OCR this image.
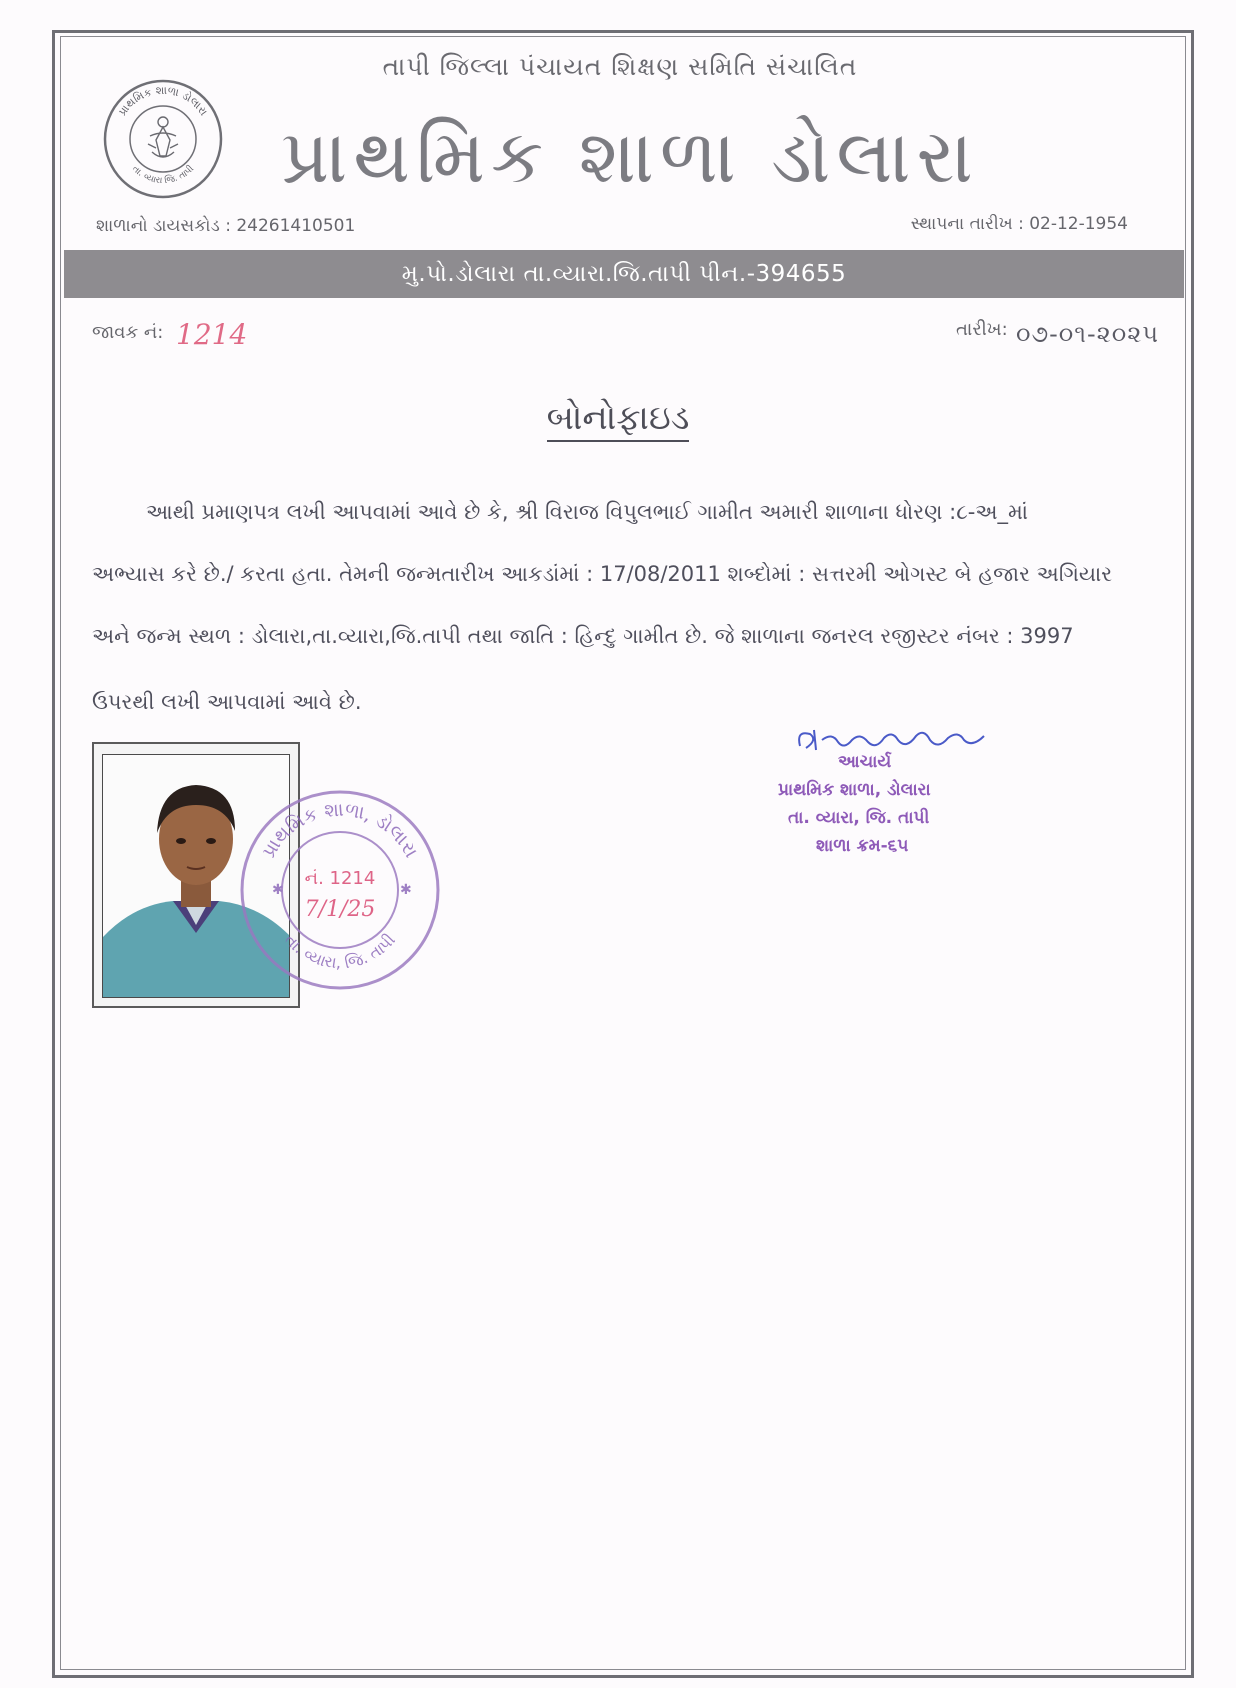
પ્રાથમિક શાળા ડોલારા
તા. વ્યારા જિ. તાપી
તાપી જિલ્લા પંચાયત શિક્ષણ સમિતિ સંચાલિત
પ્રાથમિક શાળા ડોલારા
શાળાનો ડાયસકોડ : 24261410501	સ્થાપના તારીખ : 02-12-1954
મુ.પો.ડોલારા તા.વ્યારા.જિ.તાપી પીન.-394655
જાવક નં: 1214	તારીખ: ૦૭-૦૧-૨૦૨૫
બોનોફાઇડ
આથી પ્રમાણપત્ર લખી આપવામાં આવે છે કે, શ્રી વિરાજ વિપુલભાઈ ગામીત અમારી શાળાના ધોરણ :૮-અ_માં
અભ્યાસ કરે છે./ કરતા હતા. તેમની જન્મતારીખ આકડાંમાં : 17/08/2011 શબ્દોમાં : સત્તરમી ઓગસ્ટ બે હજાર અગિયાર
અને જન્મ સ્થળ : ડોલારા,તા.વ્યારા,જિ.તાપી તથા જાતિ : હિન્દુ ગામીત છે. જે શાળાના જનરલ રજીસ્ટર નંબર : 3997
ઉપરથી લખી આપવામાં આવે છે.
પ્રાથમિક શાળા, ડોલારા
તા. વ્યારા, જિ. તાપી
નં. 1214
7/1/25
✱	✱
આચાર્ય
પ્રાથમિક શાળા, ડોલારા
તા. વ્યારા, જિ. તાપી
શાળા ક્રમ-૬૫
